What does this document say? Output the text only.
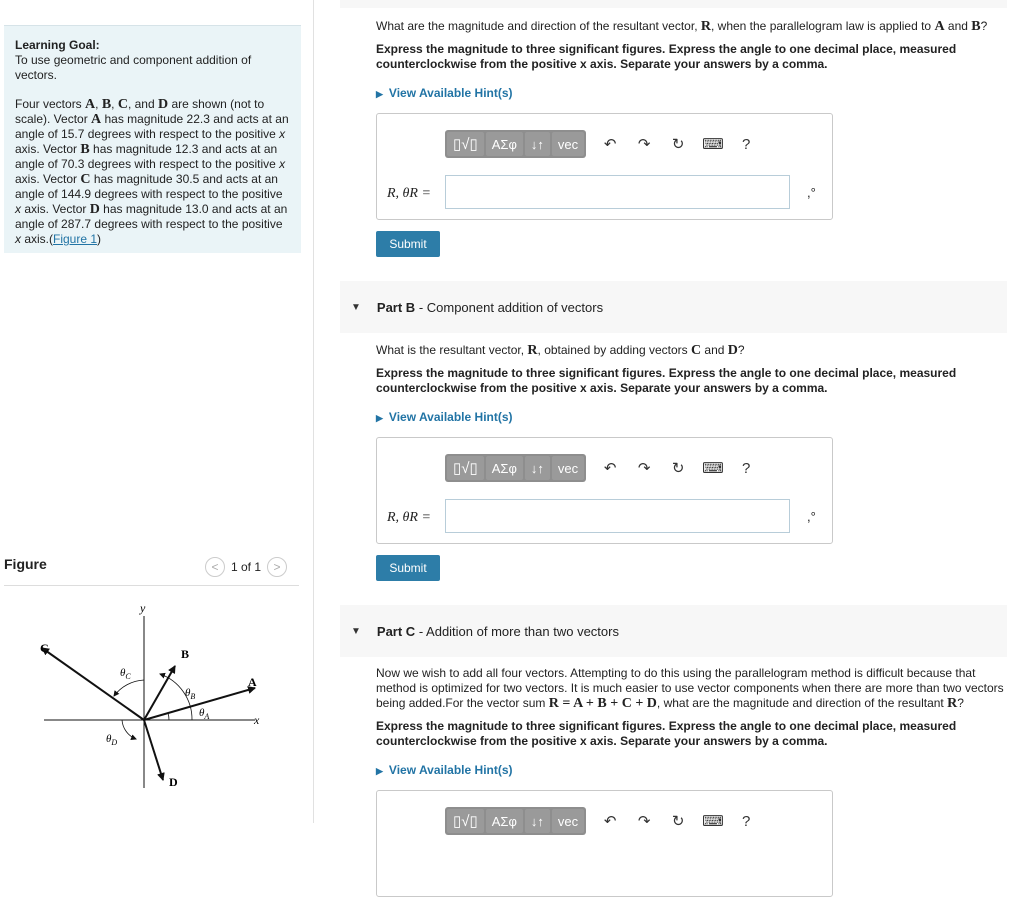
Learning Goal:
To use geometric and component addition of vectors.
Four vectors A, B, C, and D are shown (not to scale). Vector A has magnitude 22.3 and acts at an angle of 15.7 degrees with respect to the positive x axis. Vector B has magnitude 12.3 and acts at an angle of 70.3 degrees with respect to the positive x axis. Vector C has magnitude 30.5 and acts at an angle of 144.9 degrees with respect to the positive x axis. Vector D has magnitude 13.0 and acts at an angle of 287.7 degrees with respect to the positive x axis.(Figure 1)
Figure	< 1 of 1 >
y
x
A
B
C
D
$\theta_A$
$\theta_B$
$\theta_C$
$\theta_D$

What are the magnitude and direction of the resultant vector, R, when the parallelogram law is applied to A and B?

Express the magnitude to three significant figures. Express the angle to one decimal place, measured counterclockwise from the positive x axis. Separate your answers by a comma.

▶ View Available Hint(s)
▯√▯	ΑΣφ	↓↑	vec	↶ ↷ ↻ ⌨	?
R, θR =	,°
Submit
▼ Part B - Component addition of vectors

What is the resultant vector, R, obtained by adding vectors C and D?

Express the magnitude to three significant figures. Express the angle to one decimal place, measured counterclockwise from the positive x axis. Separate your answers by a comma.

▶ View Available Hint(s)
▯√▯	ΑΣφ	↓↑	vec	↶ ↷ ↻ ⌨	?
R, θR =	,°
Submit
▼ Part C - Addition of more than two vectors

Now we wish to add all four vectors. Attempting to do this using the parallelogram method is difficult because that method is optimized for two vectors. It is much easier to use vector components when there are more than two vectors being added.For the vector sum R = A + B + C + D, what are the magnitude and direction of the resultant R?

Express the magnitude to three significant figures. Express the angle to one decimal place, measured counterclockwise from the positive x axis. Separate your answers by a comma.

▶ View Available Hint(s)
▯√▯	ΑΣφ	↓↑	vec	↶ ↷ ↻ ⌨	?
